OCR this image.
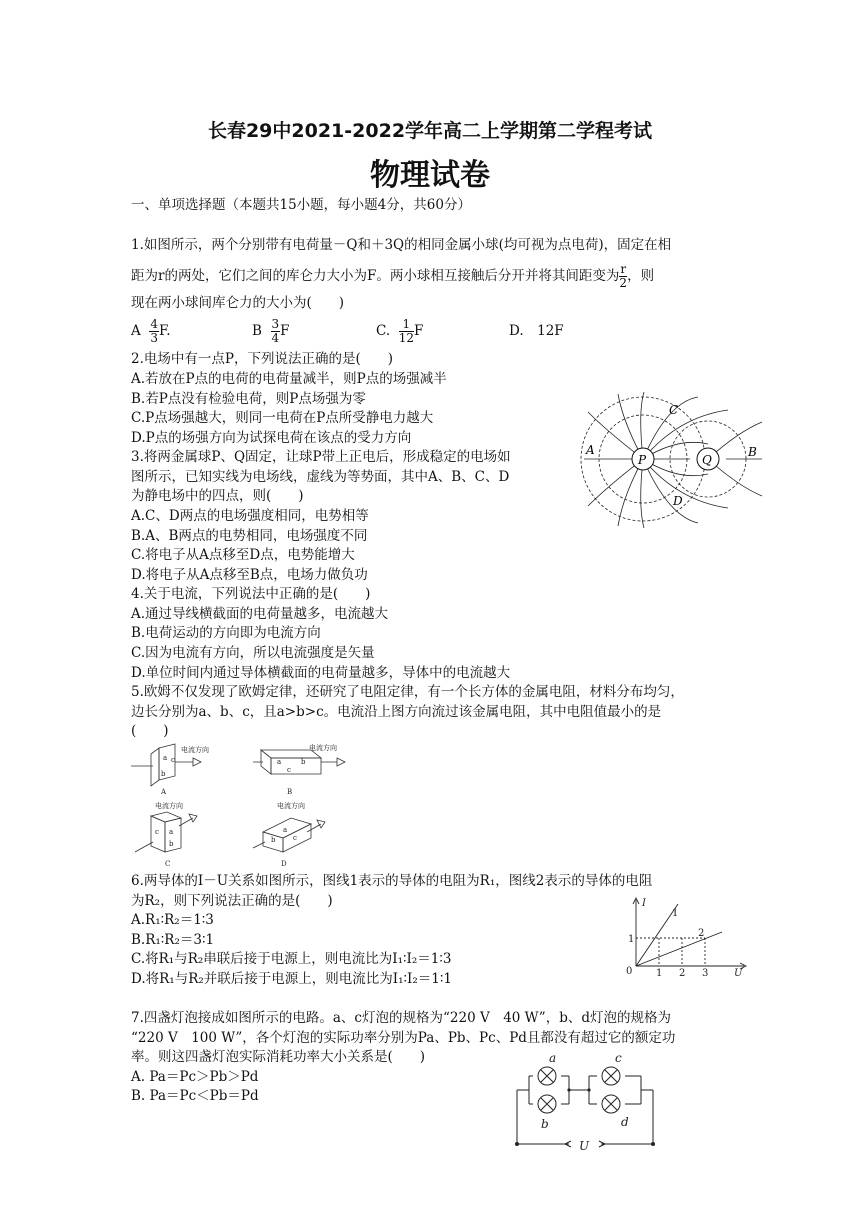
长春29中2021-2022学年高二上学期第二学程考试
物理试卷
一、单项选择题（本题共15小题，每小题4分，共60分）
1.如图所示，两个分别带有电荷量－Q和＋3Q的相同金属小球(均可视为点电荷)，固定在相
距为r的两处，它们之间的库仑力大小为F。两小球相互接触后分开并将其间距变为 $\frac{r}{2}$ ，则
现在两小球间库仑力的大小为(　　)
A $\frac{4}{3} F$.	B $\frac{3}{4}$ F	C. $\frac{1}{12}$ F	D.　12F
2.电场中有一点P，下列说法正确的是(　　)
A.若放在P点的电荷的电荷量减半，则P点的场强减半
B.若P点没有检验电荷，则P点场强为零
C.P点场强越大，则同一电荷在P点所受静电力越大
D.P点的场强方向为试探电荷在该点的受力方向
3.将两金属球P、Q固定，让球P带上正电后，形成稳定的电场如
图所示，已知实线为电场线，虚线为等势面，其中A、B、C、D
为静电场中的四点，则(　　)
A.C、D两点的电场强度相同，电势相等
B.A、B两点的电势相同，电场强度不同
C.将电子从A点移至D点，电势能增大
D.将电子从A点移至B点，电场力做负功
P	Q
A	B
C
D
4.关于电流，下列说法中正确的是(　　)
A.通过导线横截面的电荷量越多，电流越大
B.电荷运动的方向即为电流方向
C.因为电流有方向，所以电流强度是矢量
D.单位时间内通过导体横截面的电荷量越多，导体中的电流越大
5.欧姆不仅发现了欧姆定律，还研究了电阻定律，有一个长方体的金属电阻，材料分布均匀，
边长分别为a、b、c，且a>b>c。电流沿上图方向流过该金属电阻，其中电阻值最小的是
(　　)
电流方向
a c
b
A
电流方向
a
c
b
B
电流方向
a
c
b
C
电流方向
b
a
c
D
6.两导体的I－U关系如图所示，图线1表示的导体的电阻为R₁，图线2表示的导体的电阻
为R₂，则下列说法正确的是(　　)
A.R₁∶R₂＝1∶3
B.R₁∶R₂＝3∶1
C.将R₁与R₂串联后接于电源上，则电流比为I₁∶I₂＝1∶3
D.将R₁与R₂并联后接于电源上，则电流比为I₁∶I₂＝1∶1
I
U
0 1 2 3
1
1
2
7.四盏灯泡接成如图所示的电路。a、c灯泡的规格为“220 V　40 W”，b、d灯泡的规格为
“220 V　100 W”，各个灯泡的实际功率分别为Pa、Pb、Pc、Pd且都没有超过它的额定功
率。则这四盏灯泡实际消耗功率大小关系是(　　)
A. Pa＝Pc＞Pb＞Pd
B. Pa＝Pc＜Pb＝Pd
a
b
c
d
U
